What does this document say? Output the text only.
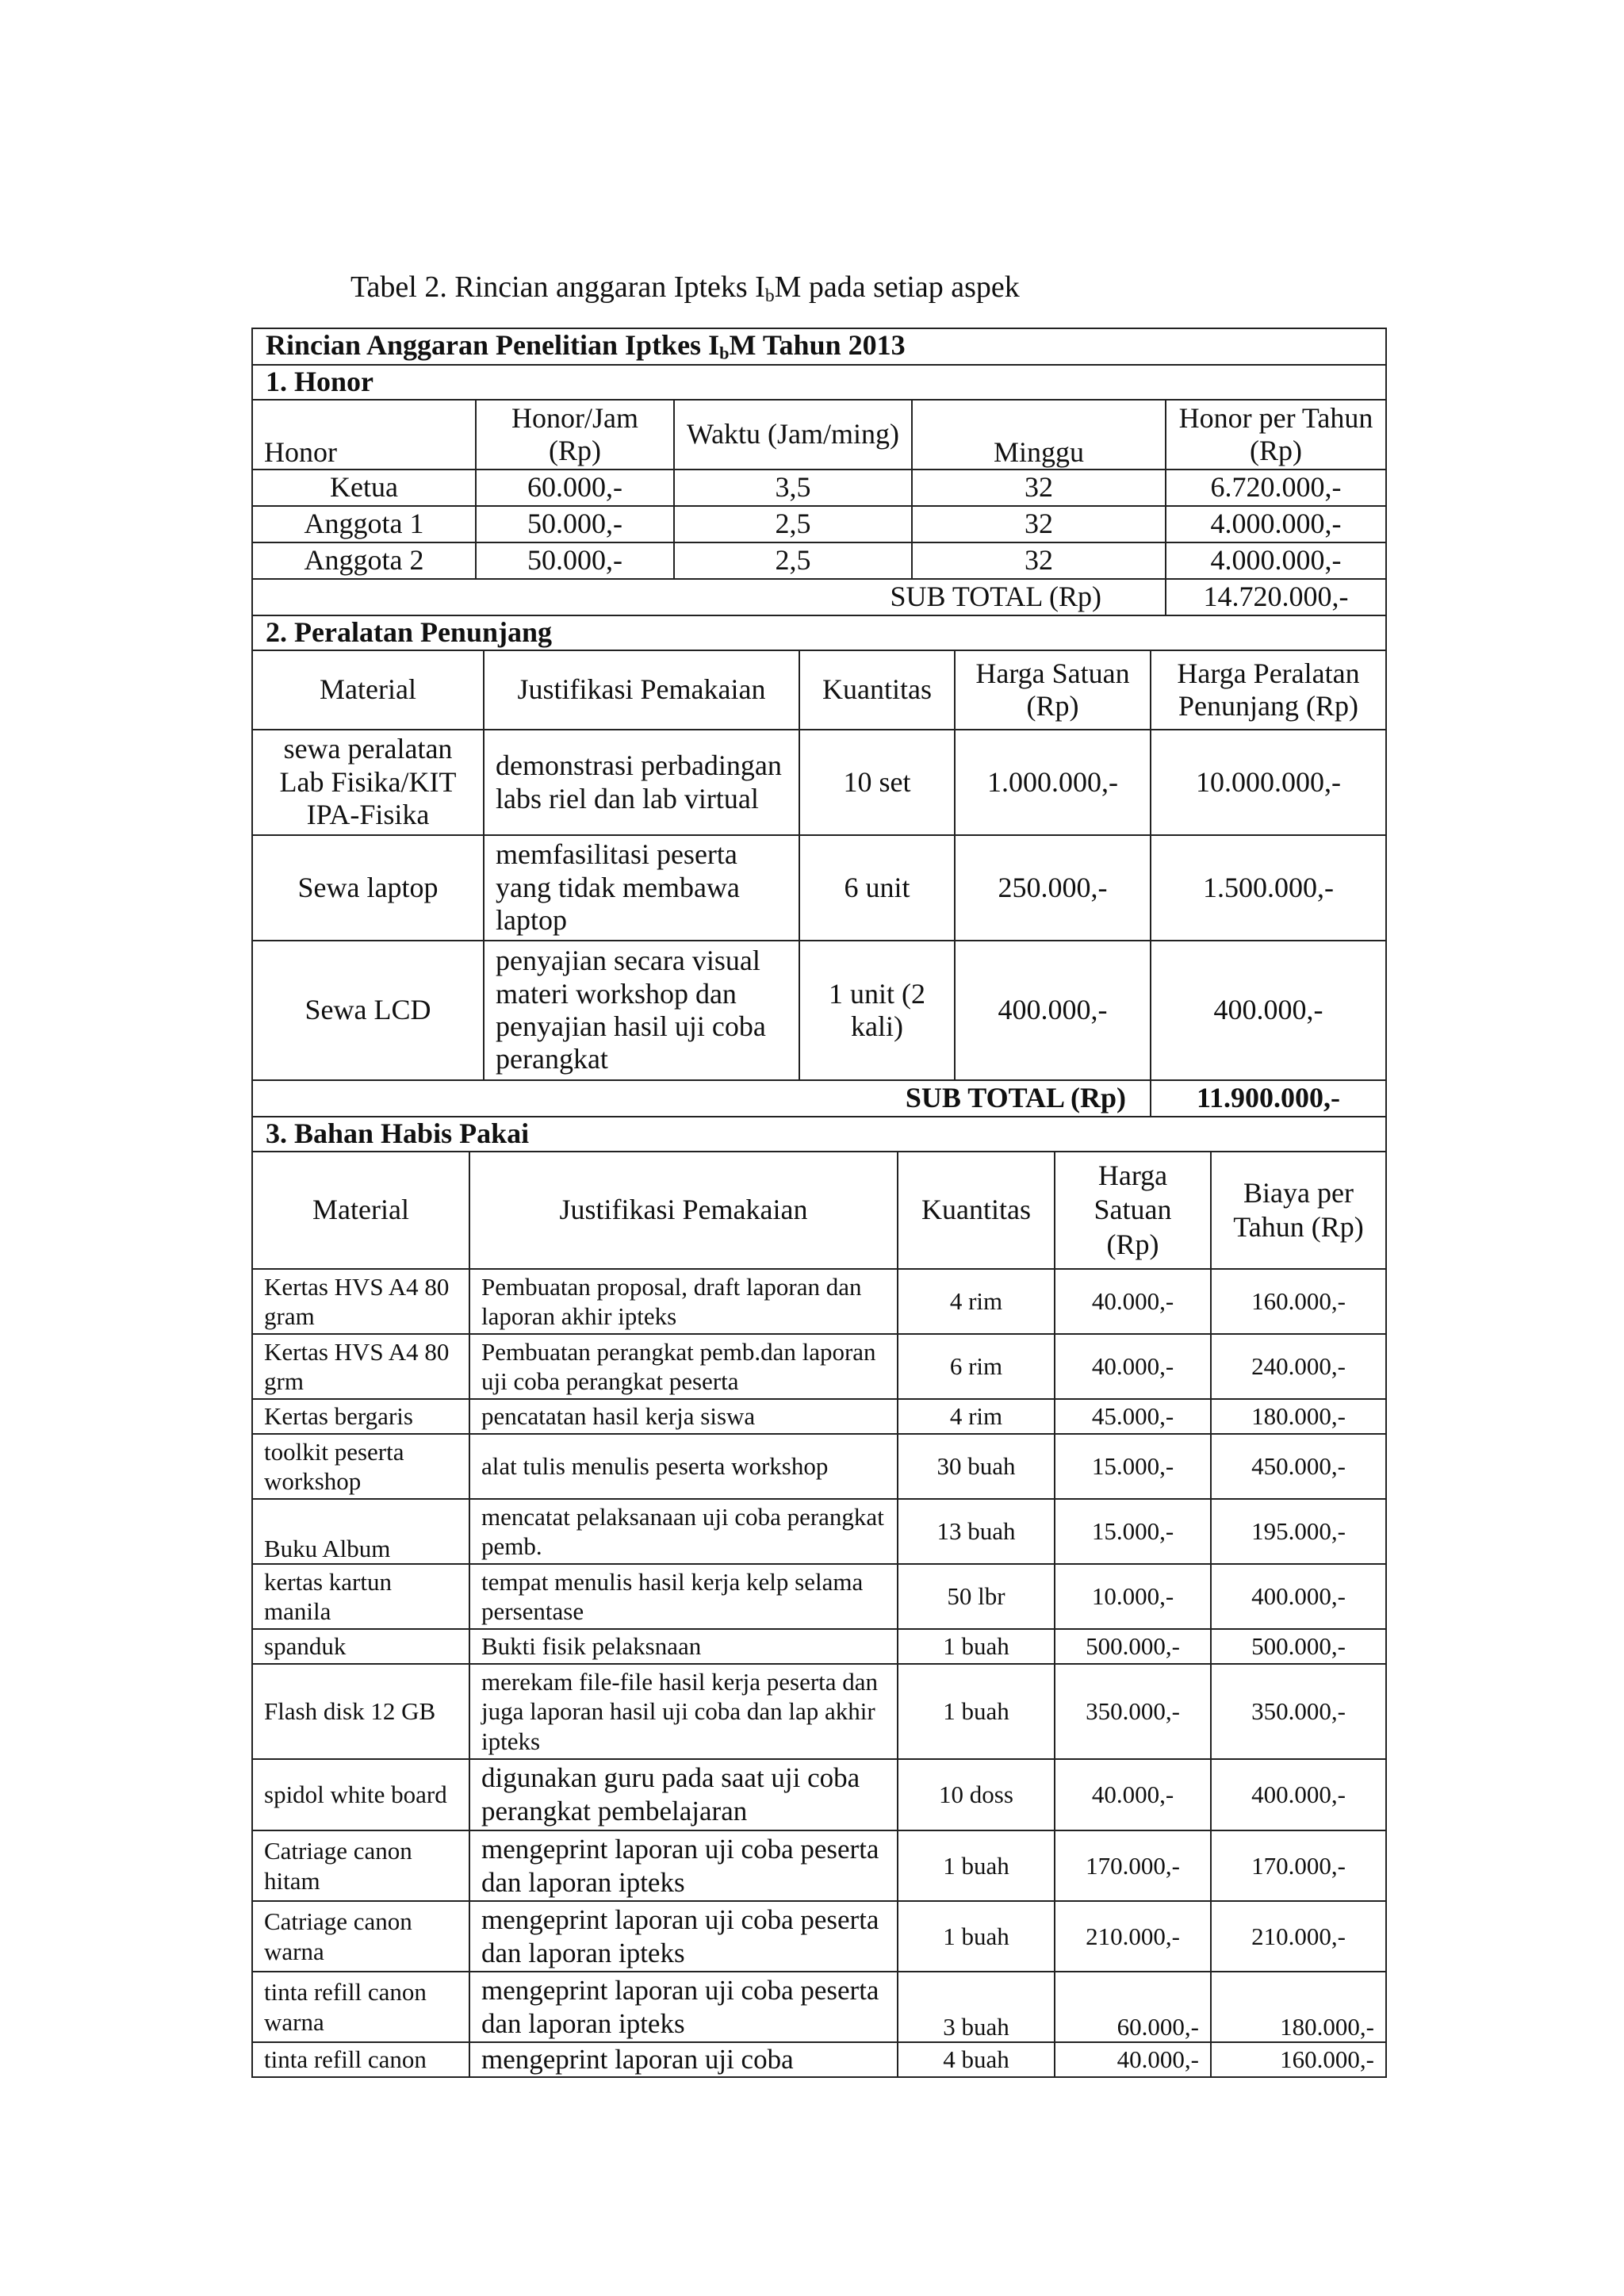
Tabel 2. Rincian anggaran Ipteks $I_bM$ pada setiap aspek
Rincian Anggaran Penelitian Iptkes $I_bM$ Tahun 2013				
1. Honor				
Honor	Honor/Jam (Rp)	Waktu (Jam/ming)	Minggu	Honor per Tahun (Rp)
Ketua	60.000,-	3,5	32	6.720.000,-
Anggota 1	50.000,-	2,5	32	4.000.000,-
Anggota 2	50.000,-	2,5	32	4.000.000,-
SUB TOTAL (Rp)				14.720.000,-
2. Peralatan Penunjang				
Material	Justifikasi Pemakaian	Kuantitas	Harga Satuan (Rp)	Harga Peralatan Penunjang (Rp)
sewa peralatan Lab Fisika/KIT IPA-Fisika	demonstrasi perbadingan labs riel dan lab virtual	10 set	1.000.000,-	10.000.000,-
Sewa laptop	memfasilitasi peserta yang tidak membawa laptop	6 unit	250.000,-	1.500.000,-
Sewa LCD	penyajian secara visual materi workshop dan penyajian hasil uji coba perangkat	1 unit (2 kali)	400.000,-	400.000,-
SUB TOTAL (Rp)				11.900.000,-
3. Bahan Habis Pakai				
Material	Justifikasi Pemakaian	Kuantitas	Harga Satuan (Rp)	Biaya per Tahun (Rp)
Kertas HVS A4 80 gram	Pembuatan proposal, draft laporan dan laporan akhir ipteks	4 rim	40.000,-	160.000,-
Kertas HVS A4 80 grm	Pembuatan perangkat pemb.dan laporan uji coba perangkat peserta	6 rim	40.000,-	240.000,-
Kertas bergaris	pencatatan hasil kerja siswa	4 rim	45.000,-	180.000,-
toolkit peserta workshop	alat tulis menulis peserta workshop	30 buah	15.000,-	450.000,-
Buku Album	mencatat pelaksanaan uji coba perangkat pemb.	13 buah	15.000,-	195.000,-
kertas kartun manila	tempat menulis hasil kerja kelp selama persentase	50 lbr	10.000,-	400.000,-
spanduk	Bukti fisik pelaksnaan	1 buah	500.000,-	500.000,-
Flash disk 12 GB	merekam file-file hasil kerja peserta dan juga laporan hasil uji coba dan lap akhir ipteks	1 buah	350.000,-	350.000,-
spidol white board	digunakan guru pada saat uji coba perangkat pembelajaran	10 doss	40.000,-	400.000,-
Catriage canon hitam	mengeprint laporan uji coba peserta dan laporan ipteks	1 buah	170.000,-	170.000,-
Catriage canon warna	mengeprint laporan uji coba peserta dan laporan ipteks	1 buah	210.000,-	210.000,-
tinta refill canon warna	mengeprint laporan uji coba peserta dan laporan ipteks	3 buah	60.000,-	180.000,-
tinta refill canon	mengeprint laporan uji coba	4 buah	40.000,-	160.000,-
